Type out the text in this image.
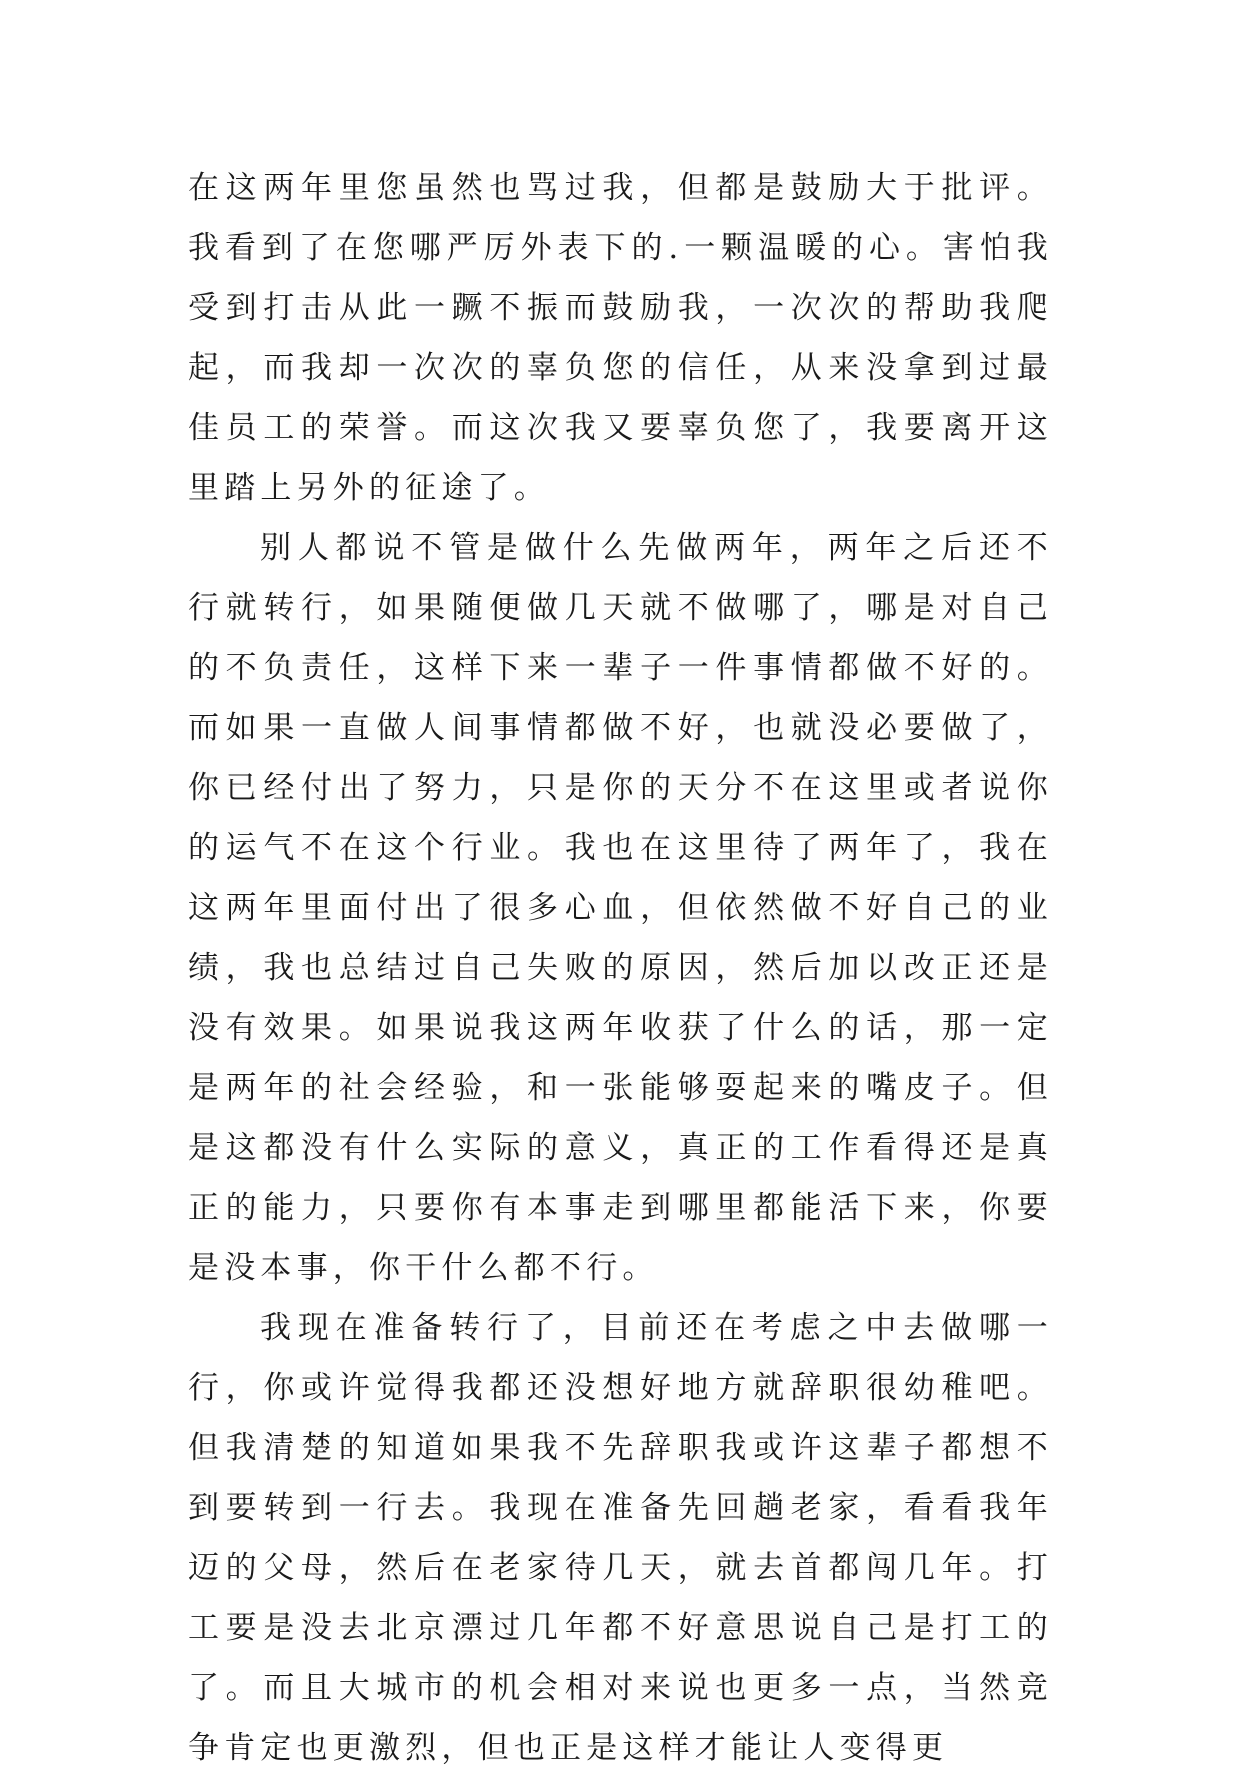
在这两年里您虽然也骂过我，但都是鼓励大于批评。我看到了在您哪严厉外表下的.一颗温暖的心。害怕我受到打击从此一蹶不振而鼓励我，一次次的帮助我爬起，而我却一次次的辜负您的信任，从来没拿到过最佳员工的荣誉。而这次我又要辜负您了，我要离开这里踏上另外的征途了。

别人都说不管是做什么先做两年，两年之后还不行就转行，如果随便做几天就不做哪了，哪是对自己的不负责任，这样下来一辈子一件事情都做不好的。而如果一直做人间事情都做不好，也就没必要做了，你已经付出了努力，只是你的天分不在这里或者说你的运气不在这个行业。我也在这里待了两年了，我在这两年里面付出了很多心血，但依然做不好自己的业绩，我也总结过自己失败的原因，然后加以改正还是没有效果。如果说我这两年收获了什么的话，那一定是两年的社会经验，和一张能够耍起来的嘴皮子。但是这都没有什么实际的意义，真正的工作看得还是真正的能力，只要你有本事走到哪里都能活下来，你要是没本事，你干什么都不行。

我现在准备转行了，目前还在考虑之中去做哪一行，你或许觉得我都还没想好地方就辞职很幼稚吧。但我清楚的知道如果我不先辞职我或许这辈子都想不到要转到一行去。我现在准备先回趟老家，看看我年迈的父母，然后在老家待几天，就去首都闯几年。打工要是没去北京漂过几年都不好意思说自己是打工的了。而且大城市的机会相对来说也更多一点，当然竞争肯定也更激烈，但也正是这样才能让人变得更
